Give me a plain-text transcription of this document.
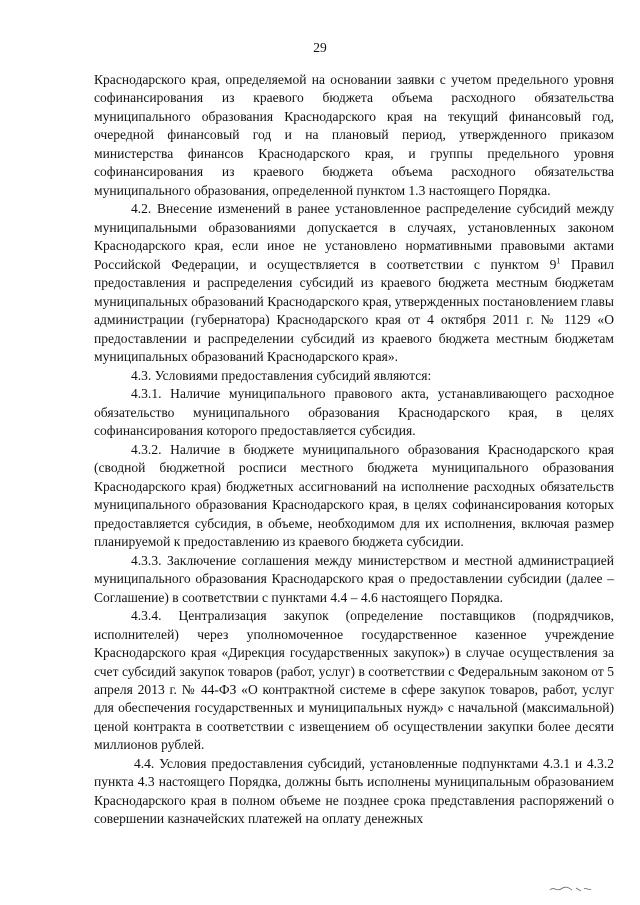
29

Краснодарского края, определяемой на основании заявки с учетом предельного уровня софинансирования из краевого бюджета объема расходного обязательства муниципального образования Краснодарского края на текущий финансовый год, очередной финансовый год и на плановый период, утвержденного приказом министерства финансов Краснодарского края, и группы предельного уровня софинансирования из краевого бюджета объема расходного обязательства муниципального образования, определенной пунктом 1.3 настоящего Порядка.

4.2. Внесение изменений в ранее установленное распределение субсидий между муниципальными образованиями допускается в случаях, установленных законом Краснодарского края, если иное не установлено нормативными правовыми актами Российской Федерации, и осуществляется в соответствии с пунктом $9^1$ Правил предоставления и распределения субсидий из краевого бюджета местным бюджетам муниципальных образований Краснодарского края, утвержденных постановлением главы администрации (губернатора) Краснодарского края от 4 октября 2011 г. № 1129 «О предоставлении и распределении субсидий из краевого бюджета местным бюджетам муниципальных образований Краснодарского края».

4.3. Условиями предоставления субсидий являются:

4.3.1. Наличие муниципального правового акта, устанавливающего расходное обязательство муниципального образования Краснодарского края, в целях софинансирования которого предоставляется субсидия.

4.3.2. Наличие в бюджете муниципального образования Краснодарского края (сводной бюджетной росписи местного бюджета муниципального образования Краснодарского края) бюджетных ассигнований на исполнение расходных обязательств муниципального образования Краснодарского края, в целях софинансирования которых предоставляется субсидия, в объеме, необходимом для их исполнения, включая размер планируемой к предоставлению из краевого бюджета субсидии.

4.3.3. Заключение соглашения между министерством и местной администрацией муниципального образования Краснодарского края о предоставлении субсидии (далее – Соглашение) в соответствии с пунктами 4.4 – 4.6 настоящего Порядка.

4.3.4. Централизация закупок (определение поставщиков (подрядчиков, исполнителей) через уполномоченное государственное казенное учреждение Краснодарского края «Дирекция государственных закупок») в случае осуществления за счет субсидий закупок товаров (работ, услуг) в соответствии с Федеральным законом от 5 апреля 2013 г. № 44-ФЗ «О контрактной системе в сфере закупок товаров, работ, услуг для обеспечения государственных и муниципальных нужд» с начальной (максимальной) ценой контракта в соответствии с извещением об осуществлении закупки более десяти миллионов рублей.

4.4. Условия предоставления субсидий, установленные подпунктами 4.3.1 и 4.3.2 пункта 4.3 настоящего Порядка, должны быть исполнены муниципальным образованием Краснодарского края в полном объеме не позднее срока представления распоряжений о совершении казначейских платежей на оплату денежных
